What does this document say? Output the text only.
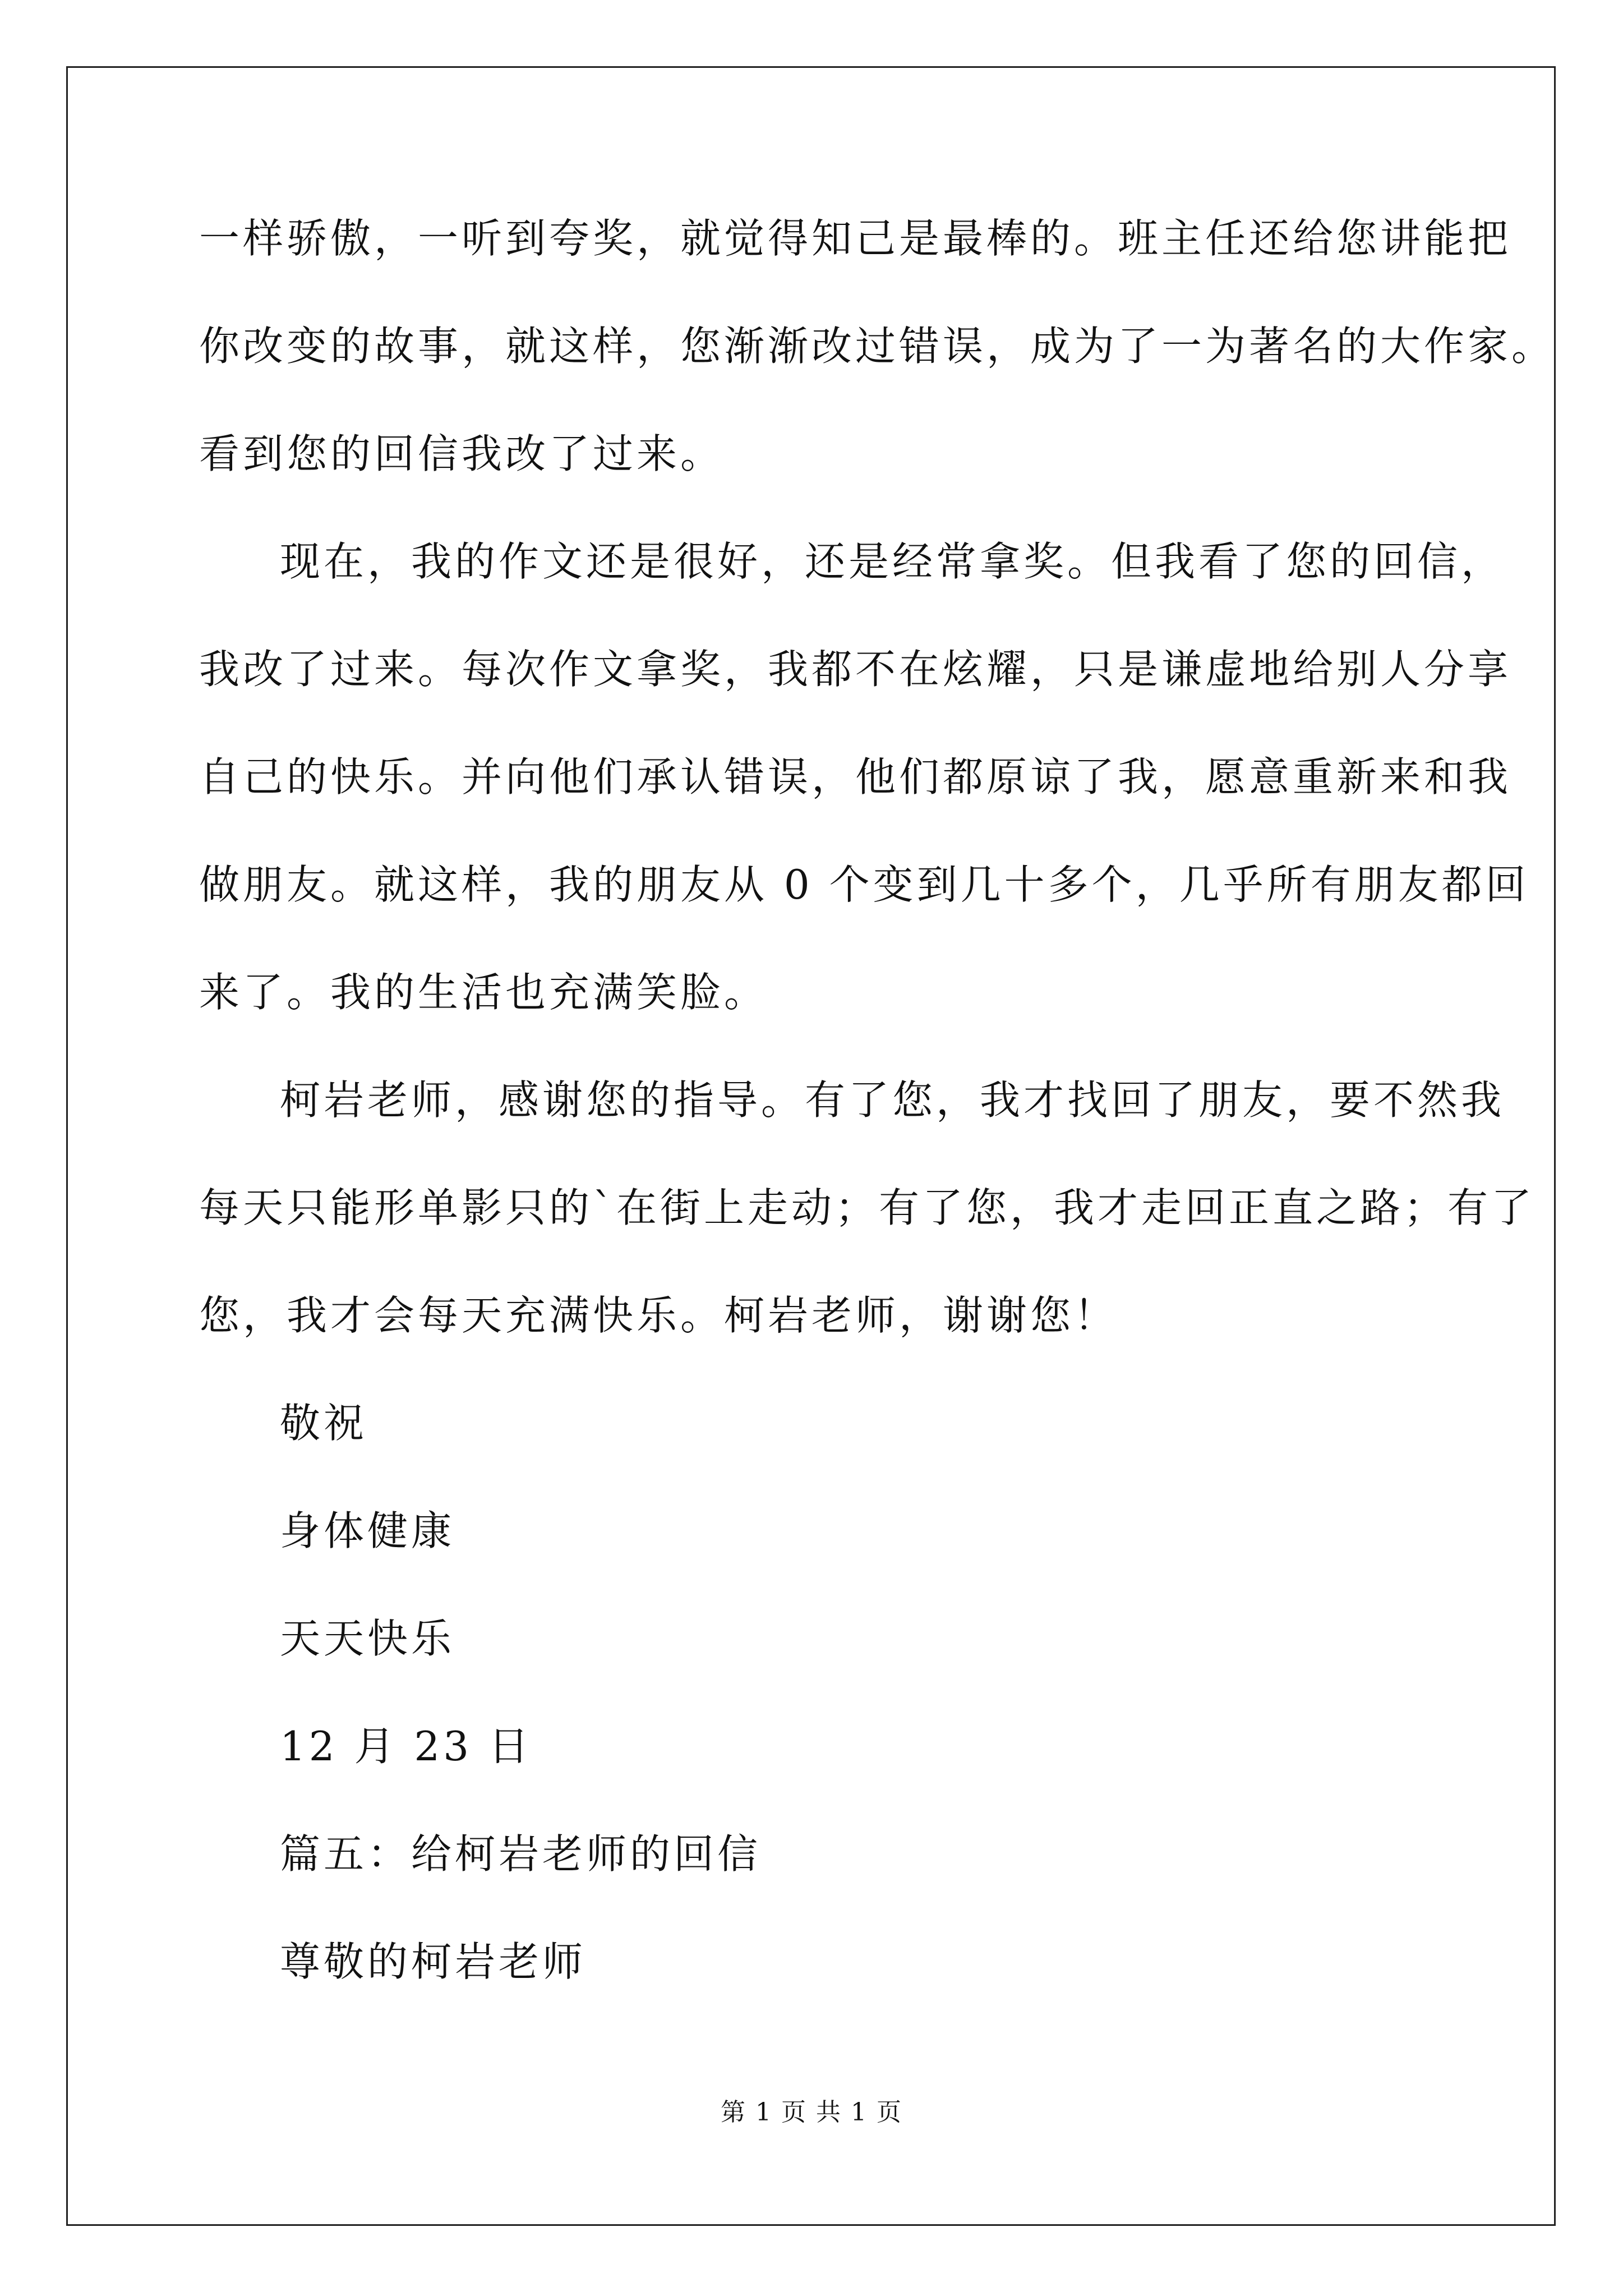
一样骄傲，一听到夸奖，就觉得知己是最棒的。班主任还给您讲能把
你改变的故事，就这样，您渐渐改过错误，成为了一为著名的大作家。
看到您的回信我改了过来。
现在，我的作文还是很好，还是经常拿奖。但我看了您的回信，
我改了过来。每次作文拿奖，我都不在炫耀，只是谦虚地给别人分享
自己的快乐。并向他们承认错误，他们都原谅了我，愿意重新来和我
做朋友。就这样，我的朋友从 0 个变到几十多个，几乎所有朋友都回
来了。我的生活也充满笑脸。
柯岩老师，感谢您的指导。有了您，我才找回了朋友，要不然我
每天只能形单影只的`在街上走动；有了您，我才走回正直之路；有了
您，我才会每天充满快乐。柯岩老师，谢谢您！
敬祝
身体健康
天天快乐
12 月 23 日
篇五：给柯岩老师的回信
尊敬的柯岩老师
第 1 页 共 1 页
